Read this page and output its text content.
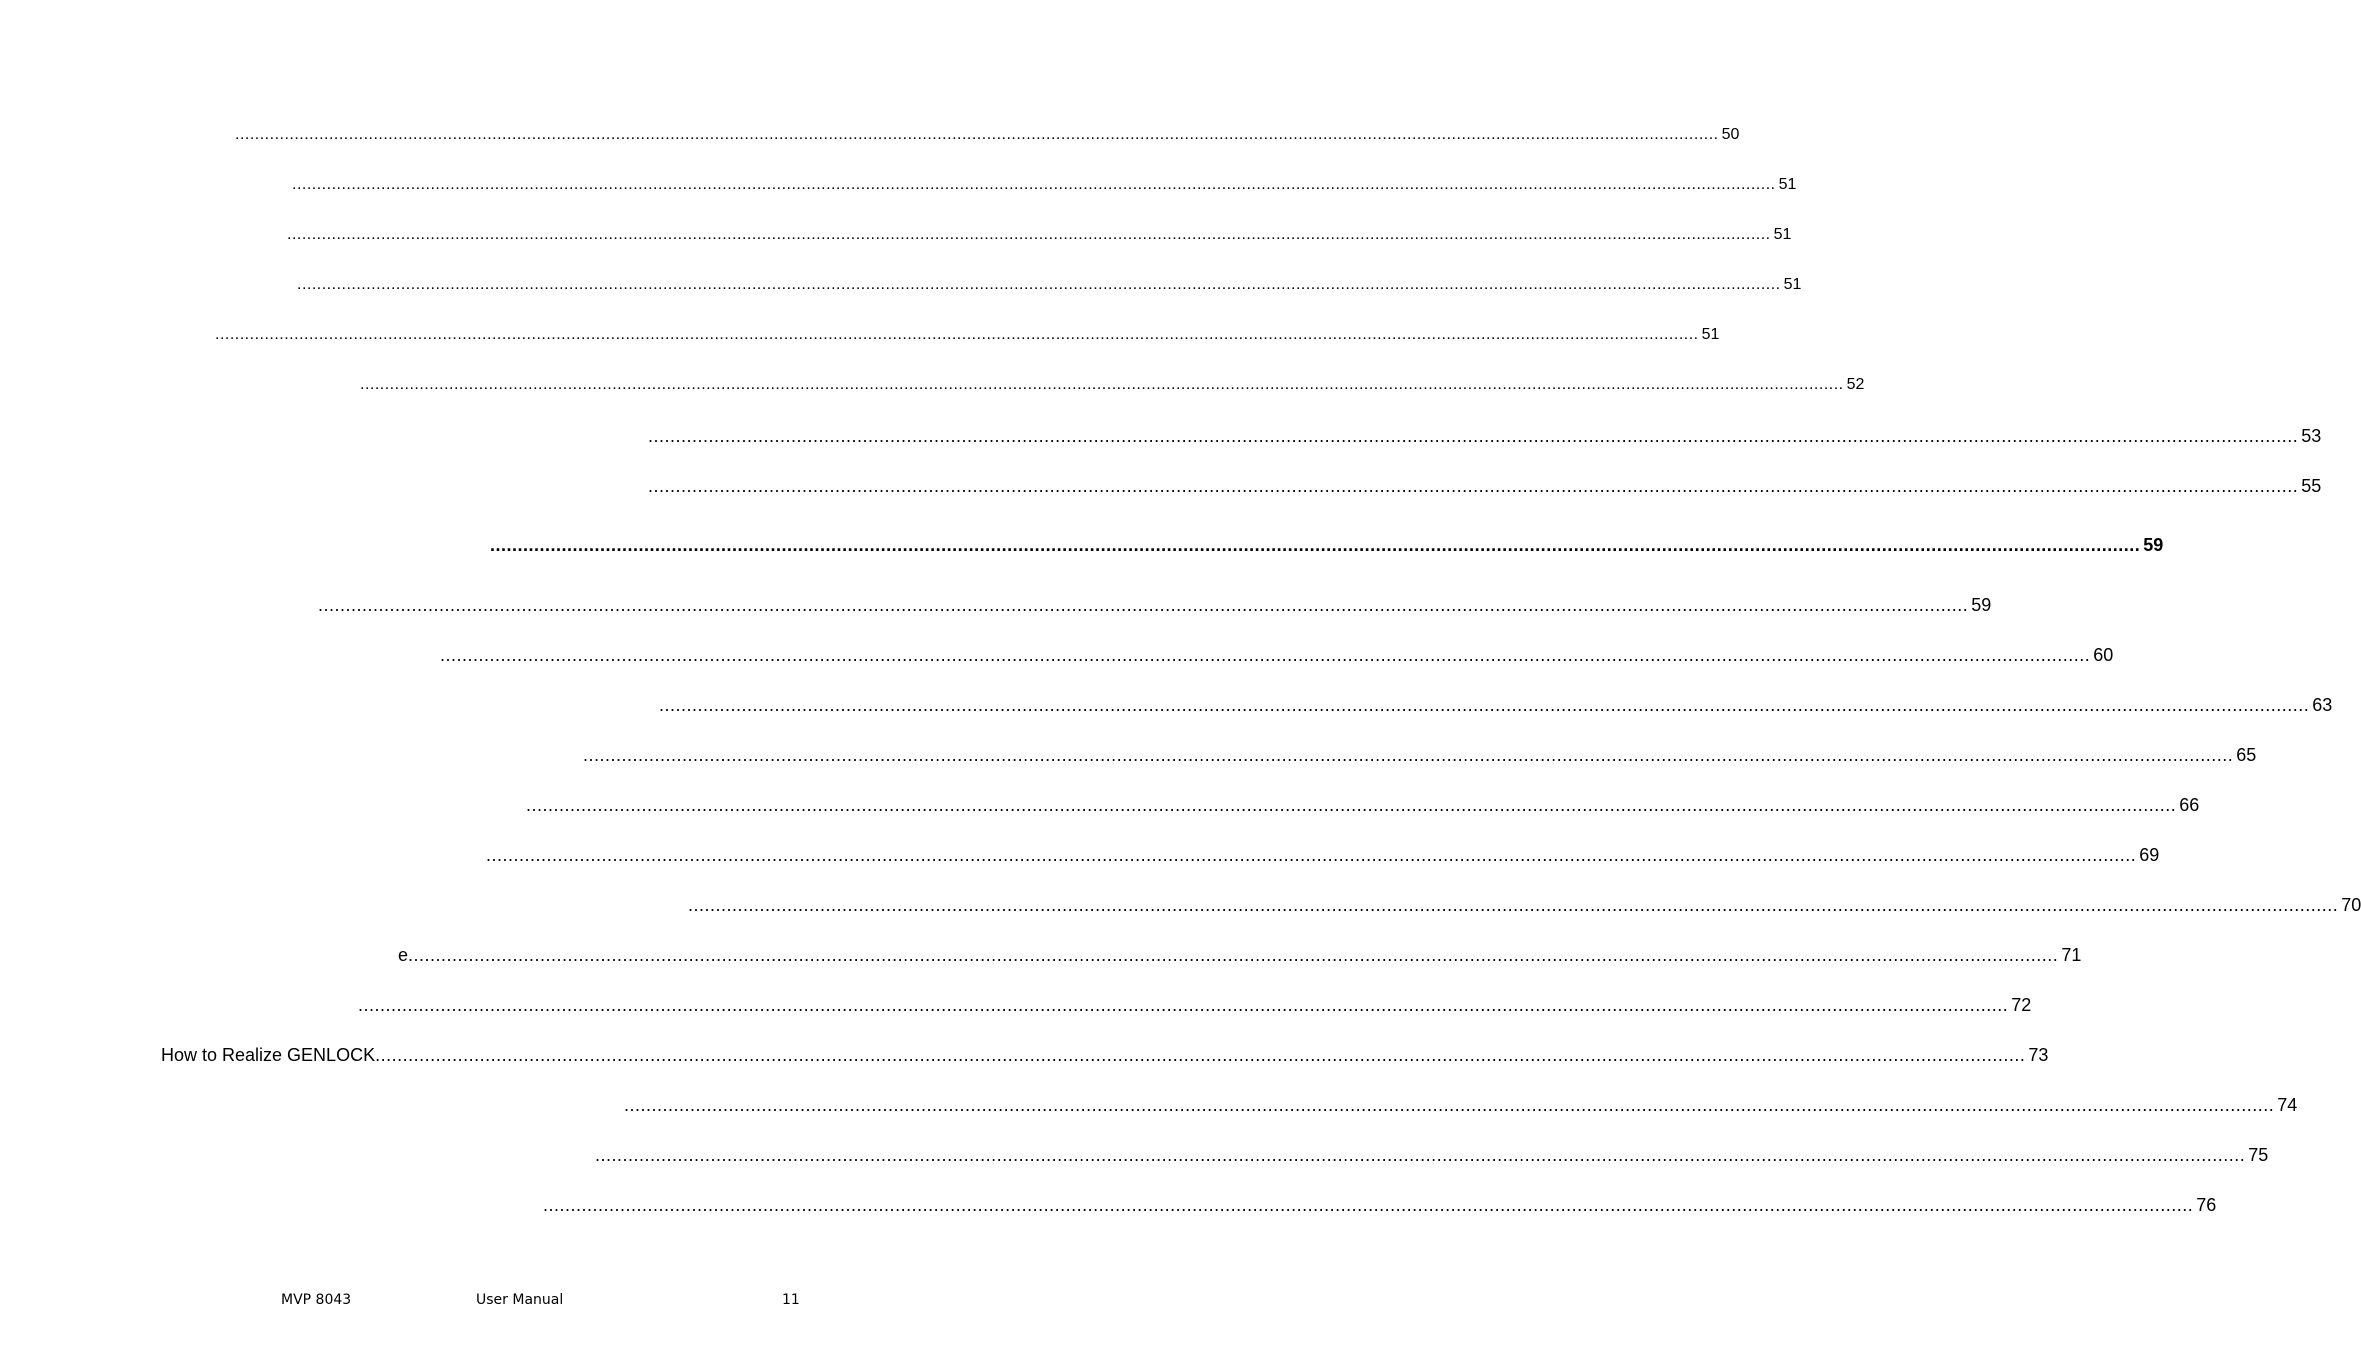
............................................................................................................................................................................................................................................................................................................ 50
............................................................................................................................................................................................................................................................................................................ 51
............................................................................................................................................................................................................................................................................................................ 51
............................................................................................................................................................................................................................................................................................................ 51
............................................................................................................................................................................................................................................................................................................ 51
............................................................................................................................................................................................................................................................................................................ 52
............................................................................................................................................................................................................................................................................................................ 53
............................................................................................................................................................................................................................................................................................................ 55
............................................................................................................................................................................................................................................................................................................ 59
............................................................................................................................................................................................................................................................................................................ 59
............................................................................................................................................................................................................................................................................................................ 60
............................................................................................................................................................................................................................................................................................................ 63
............................................................................................................................................................................................................................................................................................................ 65
............................................................................................................................................................................................................................................................................................................ 66
............................................................................................................................................................................................................................................................................................................ 69
............................................................................................................................................................................................................................................................................................................ 70
e ............................................................................................................................................................................................................................................................................................................ 71
............................................................................................................................................................................................................................................................................................................ 72
How to Realize GENLOCK ............................................................................................................................................................................................................................................................................................................ 73
............................................................................................................................................................................................................................................................................................................ 74
............................................................................................................................................................................................................................................................................................................ 75
............................................................................................................................................................................................................................................................................................................ 76
MVP 8043	User Manual	11
